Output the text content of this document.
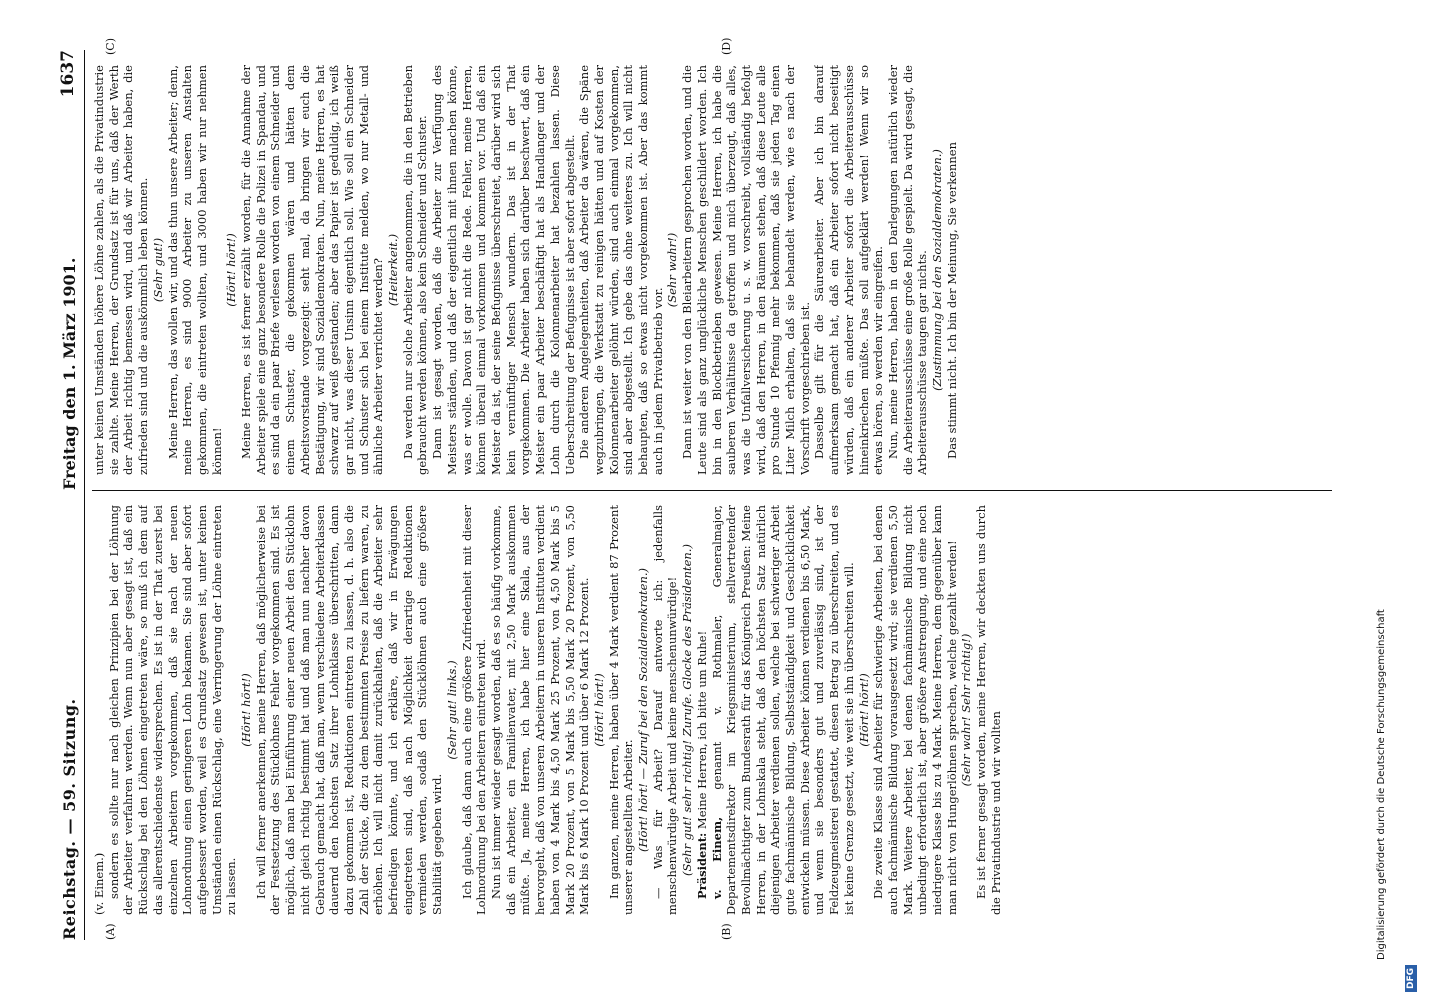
Reichstag. — 59. Sitzung.
Freitag den 1. März 1901.
1637
(A)	(B)
(C)	(D)

(v. Einem.) sondern es sollte nur nach gleichen Prinzipien bei der Löhnung der Arbeiter verfahren werden. Wenn nun aber gesagt ist, daß ein Rückschlag bei den Löhnen eingetreten wäre, so muß ich dem auf das allerentschiedenste widersprechen. Es ist in der That zuerst bei einzelnen Arbeitern vorgekommen, daß sie nach der neuen Lohnordnung einen geringeren Lohn bekamen. Sie sind aber sofort aufgebessert worden, weil es Grundsatz gewesen ist, unter keinen Umständen einen Rückschlag, eine Verringerung der Löhne eintreten zu lassen.

(Hört! hört!) Ich will ferner anerkennen, meine Herren, daß möglicherweise bei der Festsetzung des Stücklohnes Fehler vorgekommen sind. Es ist möglich, daß man bei Einführung einer neuen Arbeit den Stücklohn nicht gleich richtig bestimmt hat und daß man nun nachher davon Gebrauch gemacht hat, daß man, wenn verschiedene Arbeiterklassen dauernd den höchsten Satz ihrer Lohnklasse überschritten, dann dazu gekommen ist, Reduktionen eintreten zu lassen, d. h. also die Zahl der Stücke, die zu dem bestimmten Preise zu liefern waren, zu erhöhen. Ich will nicht damit zurückhalten, daß die Arbeiter sehr befriedigen könnte, und ich erkläre, daß wir in Erwägungen eingetreten sind, daß nach Möglichkeit derartige Reduktionen vermieden werden, sodaß den Stücklöhnen auch eine größere Stabilität gegeben wird.

(Sehr gut! links.) Ich glaube, daß dann auch eine größere Zufriedenheit mit dieser Lohnordnung bei den Arbeitern eintreten wird. Nun ist immer wieder gesagt worden, daß es so häufig vorkomme, daß ein Arbeiter, ein Familienvater, mit 2,50 Mark auskommen müßte. Ja, meine Herren, ich habe hier eine Skala, aus der hervorgeht, daß von unseren Arbeitern in unseren Instituten verdient haben von 4 Mark bis 4,50 Mark 25 Prozent, von 4,50 Mark bis 5 Mark 20 Prozent, von 5 Mark bis 5,50 Mark 20 Prozent, von 5,50 Mark bis 6 Mark 10 Prozent und über 6 Mark 12 Prozent. (Hört! hört!) Im ganzen, meine Herren, haben über 4 Mark verdient 87 Prozent unserer angestellten Arbeiter. (Hört! hört! — Zuruf bei den Sozialdemokraten.) — Was für Arbeit? Darauf antworte ich: jedenfalls menschenwürdige Arbeit und keine menschenunwürdige! (Sehr gut! sehr richtig! Zurufe. Glocke des Präsidenten.) Präsident: Meine Herren, ich bitte um Ruhe!

v. Einem, genannt v. Rothmaler, Generalmajor, Departementsdirektor im Kriegsministerium, stellvertretender Bevollmächtigter zum Bundesrath für das Königreich Preußen: Meine Herren, in der Lohnskala steht, daß den höchsten Satz natürlich diejenigen Arbeiter verdienen sollen, welche bei schwieriger Arbeit gute fachmännische Bildung, Selbstständigkeit und Geschicklichkeit entwickeln müssen. Diese Arbeiter können verdienen bis 6,50 Mark, und wenn sie besonders gut und zuverlässig sind, ist der Feldzeugmeisterei gestattet, diesen Betrag zu überschreiten, und es ist keine Grenze gesetzt, wie weit sie ihn überschreiten will. (Hört! hört!) Die zweite Klasse sind Arbeiter für schwierige Arbeiten, bei denen auch fachmännische Bildung vorausgesetzt wird; sie verdienen 5,50 Mark. Weitere Arbeiter, bei denen fachmännische Bildung nicht unbedingt erforderlich ist, aber größere Anstrengung, und eine noch niedrigere Klasse bis zu 4 Mark. Meine Herren, dem gegenüber kann man nicht von Hungerlöhnen sprechen, welche gezahlt werden! (Sehr wahr! Sehr richtig!) Es ist ferner gesagt worden, meine Herren, wir deckten uns durch die Privatindustrie und wir wollten

unter keinen Umständen höhere Löhne zahlen, als die Privatindustrie sie zahlte. Meine Herren, der Grundsatz ist für uns, daß der Werth der Arbeit richtig bemessen wird, und daß wir Arbeiter haben, die zufrieden sind und die auskömmlich leben können. (Sehr gut!) Meine Herren, das wollen wir, und das thun unsere Arbeiter; denn, meine Herren, es sind 9000 Arbeiter zu unseren Anstalten gekommen, die eintreten wollten, und 3000 haben wir nur nehmen können!

(Hört! hört!) Meine Herren, es ist ferner erzählt worden, für die Annahme der Arbeiter spiele eine ganz besondere Rolle die Polizei in Spandau, und es sind da ein paar Briefe verlesen worden von einem Schneider und einem Schuster, die gekommen wären und hätten dem Arbeitsvorstande vorgezeigt: seht mal, da bringen wir euch die Bestätigung, wir sind Sozialdemokraten. Nun, meine Herren, es hat schwarz auf weiß gestanden; aber das Papier ist geduldig, ich weiß gar nicht, was dieser Unsinn eigentlich soll. Wie soll ein Schneider und Schuster sich bei einem Institute melden, wo nur Metall- und ähnliche Arbeiter verrichtet werden? (Heiterkeit.) Da werden nur solche Arbeiter angenommen, die in den Betrieben gebraucht werden können, also kein Schneider und Schuster. Dann ist gesagt worden, daß die Arbeiter zur Verfügung des Meisters ständen, und daß der eigentlich mit ihnen machen könne, was er wolle. Davon ist gar nicht die Rede. Fehler, meine Herren, können überall einmal vorkommen und kommen vor. Und daß ein Meister da ist, der seine Befugnisse überschreitet, darüber wird sich kein vernünftiger Mensch wundern. Das ist in der That vorgekommen. Die Arbeiter haben sich darüber beschwert, daß ein Meister ein paar Arbeiter beschäftigt hat als Handlanger und der Lohn durch die Kolonnenarbeiter hat bezahlen lassen. Diese Ueberschreitung der Befugnisse ist aber sofort abgestellt. Die anderen Angelegenheiten, daß Arbeiter da wären, die Späne wegzubringen, die Werkstatt zu reinigen hätten und auf Kosten der Kolonnenarbeiter gelöhnt würden, sind auch einmal vorgekommen, sind aber abgestellt. Ich gebe das ohne weiteres zu. Ich will nicht behaupten, daß so etwas nicht vorgekommen ist. Aber das kommt auch in jedem Privatbetrieb vor.

(Sehr wahr!) Dann ist weiter von den Bleiarbeitern gesprochen worden, und die Leute sind als ganz unglückliche Menschen geschildert worden. Ich bin in den Blockbetrieben gewesen. Meine Herren, ich habe die sauberen Verhältnisse da getroffen und mich überzeugt, daß alles, was die Unfallversicherung u. s. w. vorschreibt, vollständig befolgt wird, daß den Herren, in den Räumen stehen, daß diese Leute alle pro Stunde 10 Pfennig mehr bekommen, daß sie jeden Tag einen Liter Milch erhalten, daß sie behandelt werden, wie es nach der Vorschrift vorgeschrieben ist. Dasselbe gilt für die Säurearbeiter. Aber ich bin darauf aufmerksam gemacht hat, daß ein Arbeiter sofort nicht beseitigt würden, daß ein anderer Arbeiter sofort die Arbeiterausschüsse hineinkriechen müßte. Das soll aufgeklärt werden! Wenn wir so etwas hören, so werden wir eingreifen. Nun, meine Herren, haben in den Darlegungen natürlich wieder die Arbeiterausschüsse eine große Rolle gespielt. Da wird gesagt, die Arbeiterausschüsse taugen gar nichts. (Zustimmung bei den Sozialdemokraten.) Das stimmt nicht. Ich bin der Meinung, Sie verkennen

Digitalisierung gefördert durch die Deutsche Forschungsgemeinschaft
DFG
